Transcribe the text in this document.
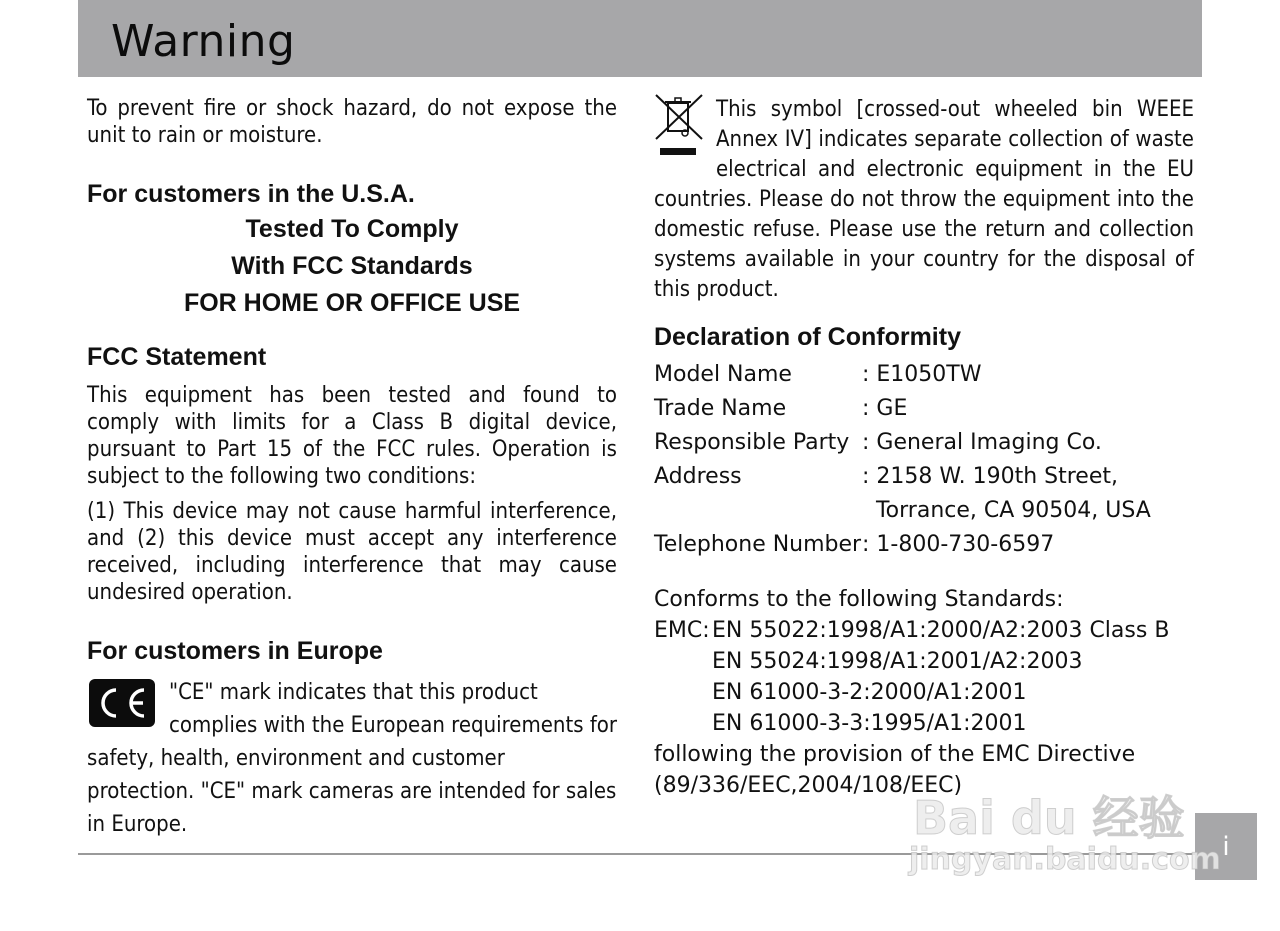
Warning

To prevent fire or shock hazard, do not expose the unit to rain or moisture.

For customers in the U.S.A.

Tested To Comply
With FCC Standards
FOR HOME OR OFFICE USE

FCC Statement

This equipment has been tested and found to comply with limits for a Class B digital device, pursuant to Part 15 of the FCC rules. Operation is subject to the following two conditions:

(1) This device may not cause harmful interference, and (2) this device must accept any interference received, including interference that may cause undesired operation.

For customers in Europe

"CE" mark indicates that this product complies with the European requirements for safety, health, environment and customer protection. "CE" mark cameras are intended for sales in Europe.

This symbol [crossed-out wheeled bin WEEE Annex IV] indicates separate collection of waste electrical and electronic equipment in the EU countries. Please do not throw the equipment into the domestic refuse. Please use the return and collection systems available in your country for the disposal of this product.

Declaration of Conformity

Model Name	: E1050TW
Trade Name	: GE
Responsible Party : General Imaging Co.
Address	: 2158 W. 190th Street,
Torrance, CA 90504, USA
Telephone Number : 1-800-730-6597
Conforms to the following Standards:
EMC: EN 55022:1998/A1:2000/A2:2003 Class B
EN 55024:1998/A1:2001/A2:2003
EN 61000-3-2:2000/A1:2001
EN 61000-3-3:1995/A1:2001
following the provision of the EMC Directive
(89/336/EEC,2004/108/EEC)
i
Bai du 经验
jingyan.baidu.com
